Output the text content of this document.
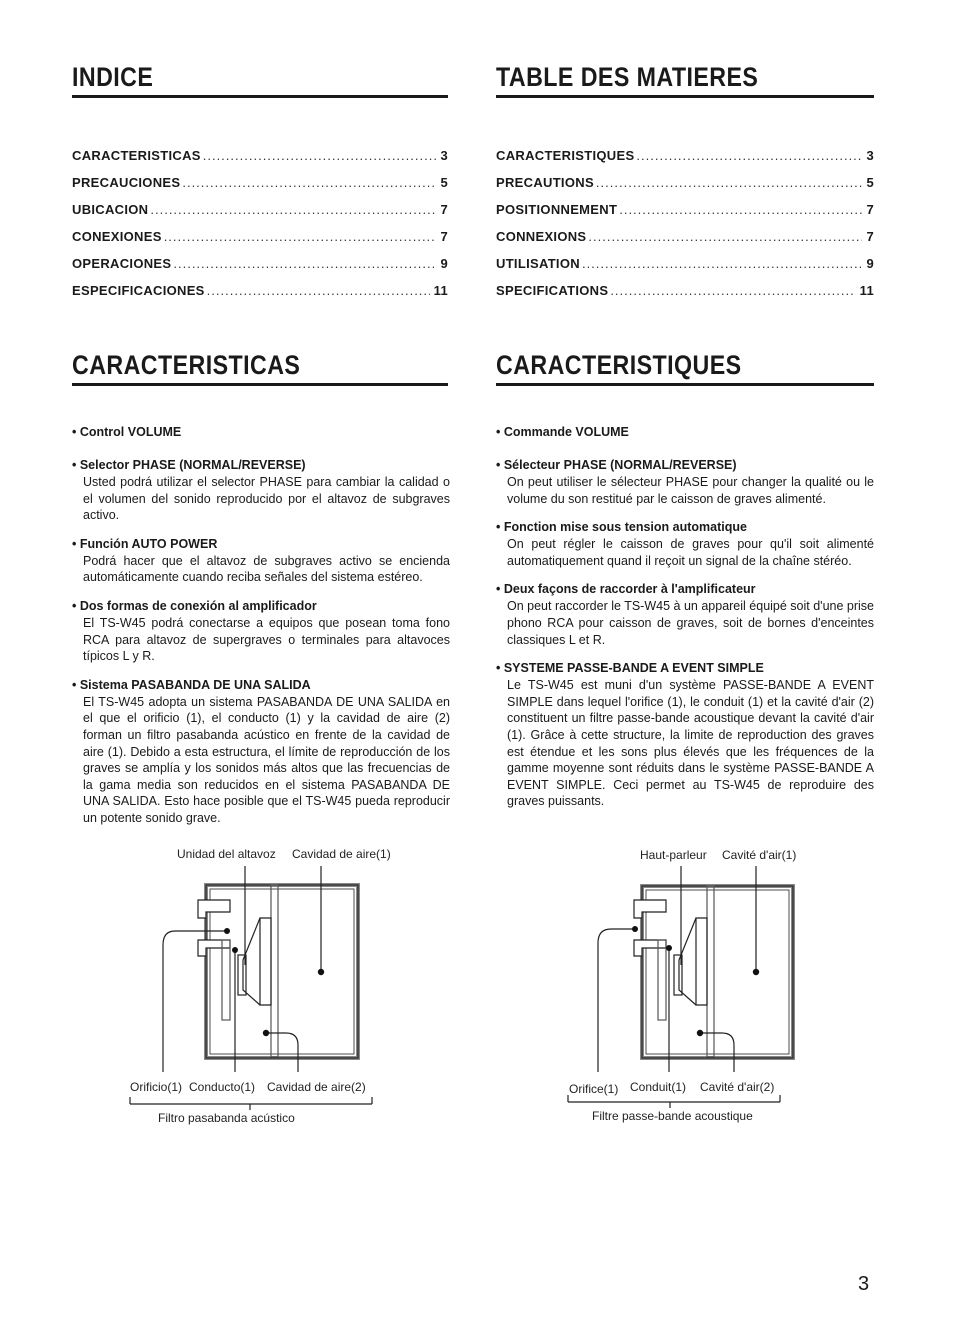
INDICE
CARACTERISTICAS .....	3
PRECAUCIONES .....	5
UBICACION .....	7
CONEXIONES .....	7
OPERACIONES .....	9
ESPECIFICACIONES .....	11
TABLE DES MATIERES
CARACTERISTIQUES .....	3
PRECAUTIONS .....	5
POSITIONNEMENT .....	7
CONNEXIONS .....	7
UTILISATION .....	9
SPECIFICATIONS .....	11
CARACTERISTICAS
• Control VOLUME
• Selector PHASE (NORMAL/REVERSE)
Usted podrá utilizar el selector PHASE para cambiar la calidad o el volumen del sonido reproducido por el altavoz de subgraves activo.
• Función AUTO POWER
Podrá hacer que el altavoz de subgraves activo se encienda automáticamente cuando reciba señales del sistema estéreo.
• Dos formas de conexión al amplificador
El TS-W45 podrá conectarse a equipos que posean toma fono RCA para altavoz de supergraves o terminales para altavoces típicos L y R.
• Sistema PASABANDA DE UNA SALIDA
El TS-W45 adopta un sistema PASABANDA DE UNA SALIDA en el que el orificio (1), el conducto (1) y la cavidad de aire (2) forman un filtro pasabanda acústico en frente de la cavidad de aire (1). Debido a esta estructura, el límite de reproducción de los graves se amplía y los sonidos más altos que las frecuencias de la gama media son reducidos en el sistema PASABANDA DE UNA SALIDA. Esto hace posible que el TS-W45 pueda reproducir un potente sonido grave.
CARACTERISTIQUES
• Commande VOLUME
• Sélecteur PHASE (NORMAL/REVERSE)
On peut utiliser le sélecteur PHASE pour changer la qualité ou le volume du son restitué par le caisson de graves alimenté.
• Fonction mise sous tension automatique
On peut régler le caisson de graves pour qu'il soit alimenté automatiquement quand il reçoit un signal de la chaîne stéréo.
• Deux façons de raccorder à l'amplificateur
On peut raccorder le TS-W45 à un appareil équipé soit d'une prise phono RCA pour caisson de graves, soit de bornes d'enceintes classiques L et R.
• SYSTEME PASSE-BANDE A EVENT SIMPLE
Le TS-W45 est muni d'un système PASSE-BANDE A EVENT SIMPLE dans lequel l'orifice (1), le conduit (1) et la cavité d'air (2) constituent un filtre passe-bande acoustique devant la cavité d'air (1). Grâce à cette structure, la limite de reproduction des graves est étendue et les sons plus élevés que les fréquences de la gamme moyenne sont réduits dans le système PASSE-BANDE A EVENT SIMPLE. Ceci permet au TS-W45 de reproduire des graves puissants.
Unidad del altavoz Cavidad de aire(1)
Orificio(1) Conducto(1) Cavidad de aire(2)
Filtro pasabanda acústico
Haut-parleur Cavité d'air(1)
Orifice(1) Conduit(1) Cavité d'air(2)
Filtre passe-bande acoustique
3
